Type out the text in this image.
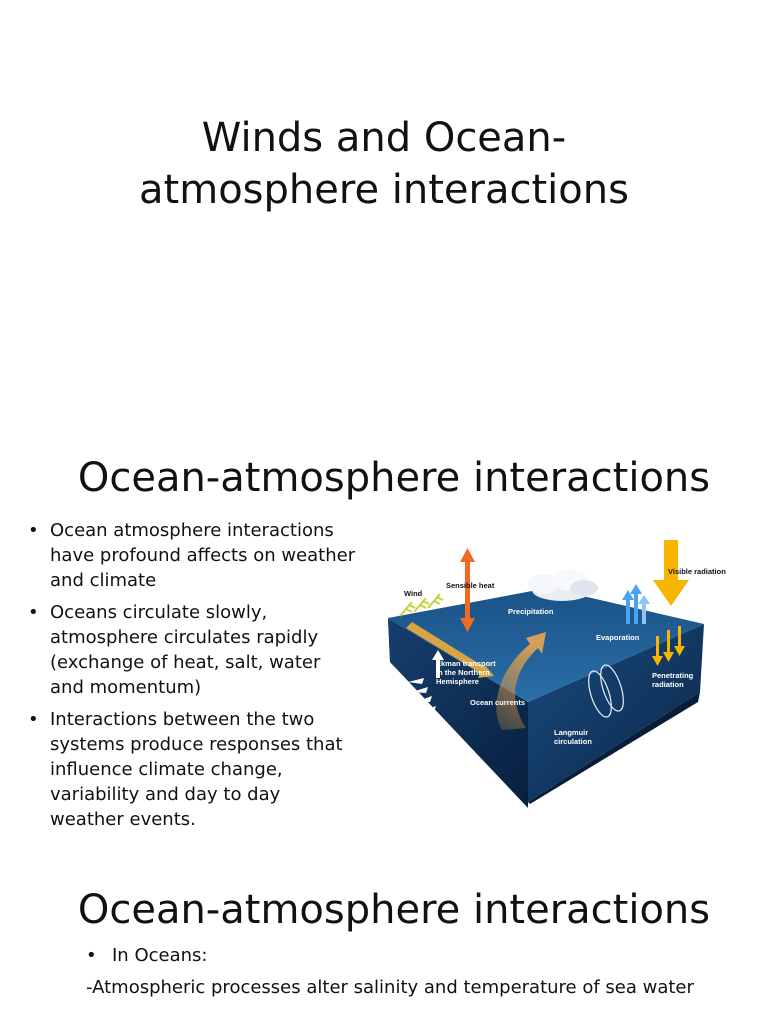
Winds and Ocean-
atmosphere interactions
Ocean-atmosphere interactions
• Ocean atmosphere interactions have profound affects on weather and climate
• Oceans circulate slowly, atmosphere circulates rapidly (exchange of heat, salt, water and momentum)
• Interactions between the two systems produce responses that influence climate change, variability and day to day weather events.
Sensible heat
Wind
Precipitation
Visible radiation
Evaporation
Ekman transport
in the Northern
Hemisphere
Penetrating
radiation
Ocean currents
Langmuir
circulation
Ocean-atmosphere interactions
• In Oceans:
-Atmospheric processes alter salinity and temperature of sea water
